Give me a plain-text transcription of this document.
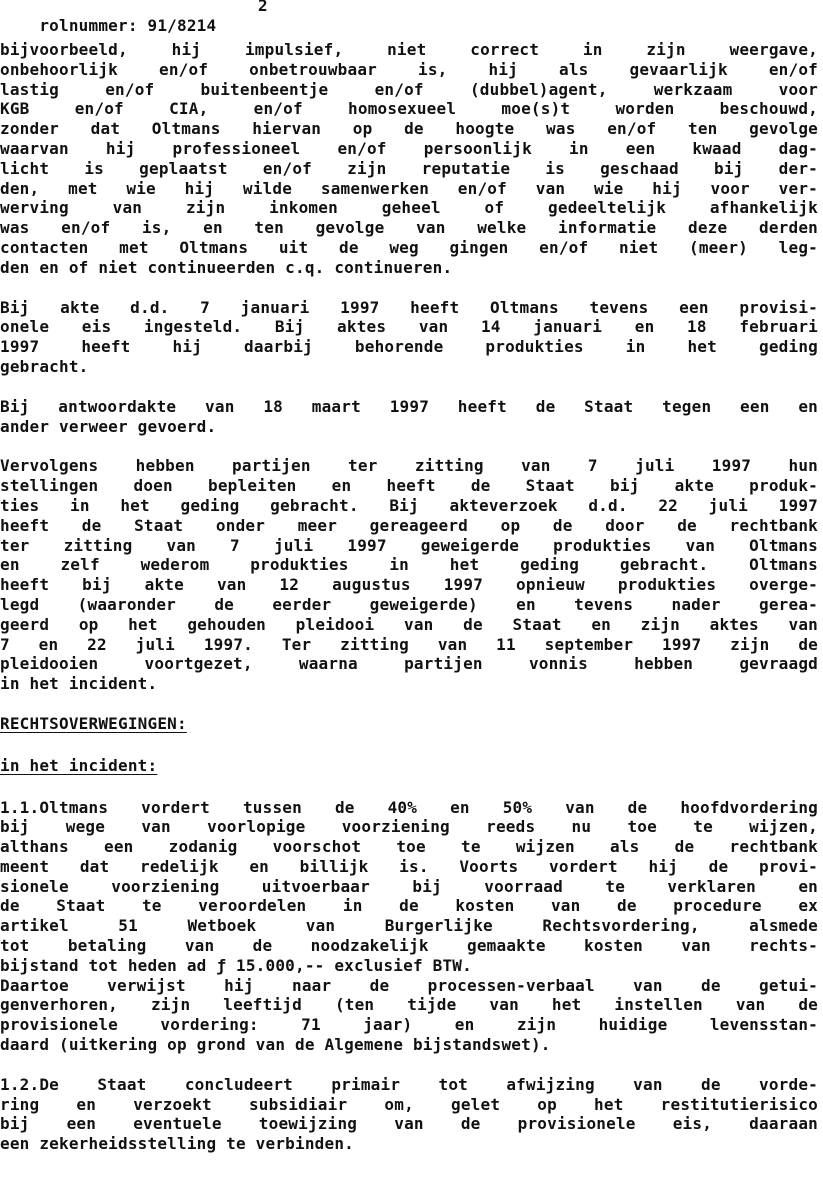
rolnummer: 91/8214

2

bijvoorbeeld, hij impulsief, niet correct in zijn weergave,
onbehoorlijk en/of onbetrouwbaar is, hij als gevaarlijk en/of
lastig en/of buitenbeentje en/of (dubbel)agent, werkzaam voor
KGB en/of CIA, en/of homosexueel moe(s)t worden beschouwd,
zonder dat Oltmans hiervan op de hoogte was en/of ten gevolge
waarvan hij professioneel en/of persoonlijk in een kwaad dag-
licht is geplaatst en/of zijn reputatie is geschaad bij der-
den, met wie hij wilde samenwerken en/of van wie hij voor ver-
werving van zijn inkomen geheel of gedeeltelijk afhankelijk
was en/of is, en ten gevolge van welke informatie deze derden
contacten met Oltmans uit de weg gingen en/of niet (meer) leg-
den en of niet continueerden c.q. continueren.
Bij akte d.d. 7 januari 1997 heeft Oltmans tevens een provisi-
onele eis ingesteld. Bij aktes van 14 januari en 18 februari
1997 heeft hij daarbij behorende produkties in het geding
gebracht.
Bij antwoordakte van 18 maart 1997 heeft de Staat tegen een en
ander verweer gevoerd.
Vervolgens hebben partijen ter zitting van 7 juli 1997 hun
stellingen doen bepleiten en heeft de Staat bij akte produk-
ties in het geding gebracht. Bij akteverzoek d.d. 22 juli 1997
heeft de Staat onder meer gereageerd op de door de rechtbank
ter zitting van 7 juli 1997 geweigerde produkties van Oltmans
en zelf wederom produkties in het geding gebracht. Oltmans
heeft bij akte van 12 augustus 1997 opnieuw produkties overge-
legd (waaronder de eerder geweigerde) en tevens nader gerea-
geerd op het gehouden pleidooi van de Staat en zijn aktes van
7 en 22 juli 1997. Ter zitting van 11 september 1997 zijn de
pleidooien voortgezet, waarna partijen vonnis hebben gevraagd
in het incident.
RECHTSOVERWEGINGEN:
in het incident:
1.1.Oltmans vordert tussen de 40% en 50% van de hoofdvordering
bij wege van voorlopige voorziening reeds nu toe te wijzen,
althans een zodanig voorschot toe te wijzen als de rechtbank
meent dat redelijk en billijk is. Voorts vordert hij de provi-
sionele voorziening uitvoerbaar bij voorraad te verklaren en
de Staat te veroordelen in de kosten van de procedure ex
artikel 51 Wetboek van Burgerlijke Rechtsvordering, alsmede
tot betaling van de noodzakelijk gemaakte kosten van rechts-
bijstand tot heden ad ƒ 15.000,-- exclusief BTW.
Daartoe verwijst hij naar de processen-verbaal van de getui-
genverhoren, zijn leeftijd (ten tijde van het instellen van de
provisionele vordering: 71 jaar) en zijn huidige levensstan-
daard (uitkering op grond van de Algemene bijstandswet).
1.2.De Staat concludeert primair tot afwijzing van de vorde-
ring en verzoekt subsidiair om, gelet op het restitutierisico
bij een eventuele toewijzing van de provisionele eis, daaraan
een zekerheidsstelling te verbinden.
